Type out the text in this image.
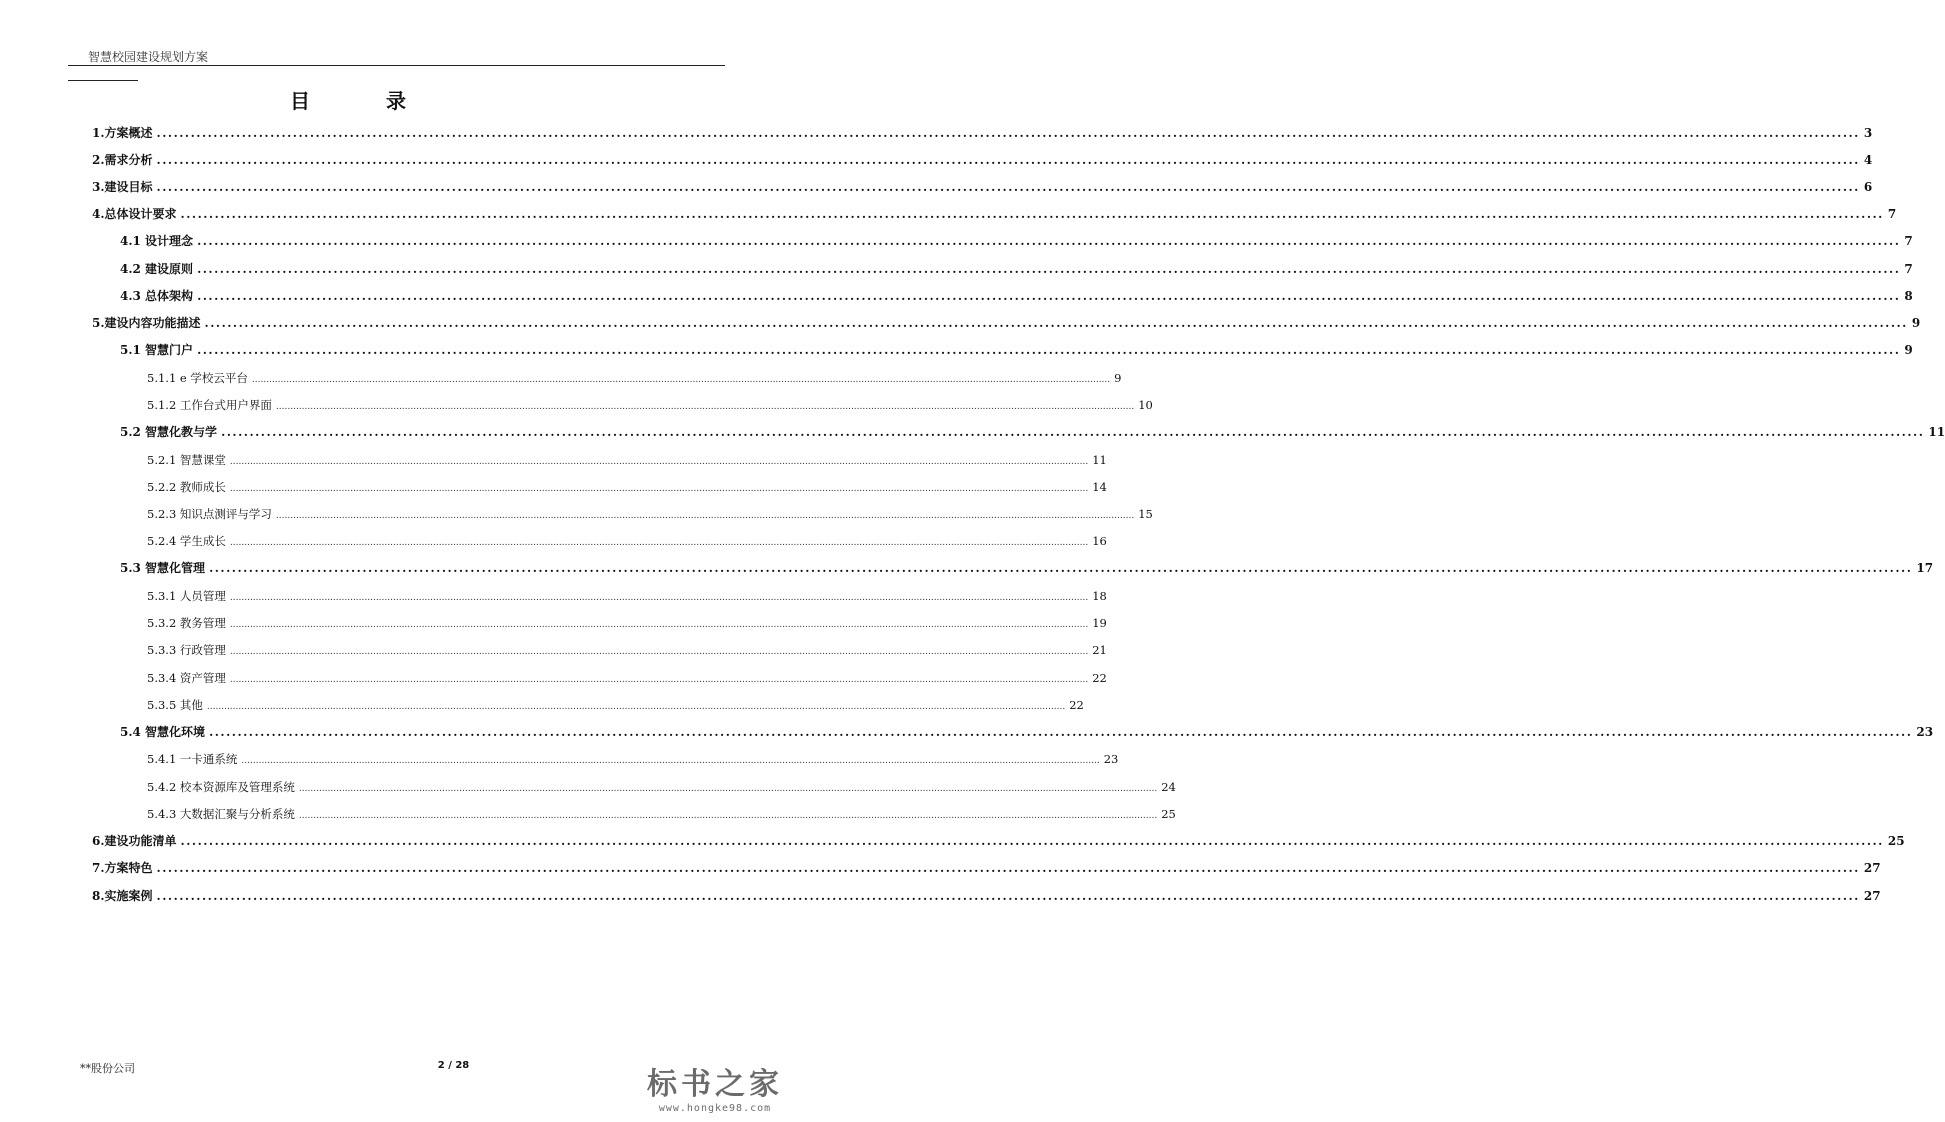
智慧校园建设规划方案
目　录
1.方案概述 ............................................................................................................................................................................................................................................................................................................ 3
2.需求分析 ............................................................................................................................................................................................................................................................................................................ 4
3.建设目标 ............................................................................................................................................................................................................................................................................................................ 6
4.总体设计要求 ............................................................................................................................................................................................................................................................................................................ 7
4.1 设计理念 ............................................................................................................................................................................................................................................................................................................ 7
4.2 建设原则 ............................................................................................................................................................................................................................................................................................................ 7
4.3 总体架构 ............................................................................................................................................................................................................................................................................................................ 8
5.建设内容功能描述 ............................................................................................................................................................................................................................................................................................................ 9
5.1 智慧门户 ............................................................................................................................................................................................................................................................................................................ 9
5.1.1 e 学校云平台 ............................................................................................................................................................................................................................................................................................................ 9
5.1.2 工作台式用户界面 ............................................................................................................................................................................................................................................................................................................ 10
5.2 智慧化教与学 ............................................................................................................................................................................................................................................................................................................ 11
5.2.1 智慧课堂 ............................................................................................................................................................................................................................................................................................................ 11
5.2.2 教师成长 ............................................................................................................................................................................................................................................................................................................ 14
5.2.3 知识点测评与学习 ............................................................................................................................................................................................................................................................................................................ 15
5.2.4 学生成长 ............................................................................................................................................................................................................................................................................................................ 16
5.3 智慧化管理 ............................................................................................................................................................................................................................................................................................................ 17
5.3.1 人员管理 ............................................................................................................................................................................................................................................................................................................ 18
5.3.2 教务管理 ............................................................................................................................................................................................................................................................................................................ 19
5.3.3 行政管理 ............................................................................................................................................................................................................................................................................................................ 21
5.3.4 资产管理 ............................................................................................................................................................................................................................................................................................................ 22
5.3.5 其他 ............................................................................................................................................................................................................................................................................................................ 22
5.4 智慧化环境 ............................................................................................................................................................................................................................................................................................................ 23
5.4.1 一卡通系统 ............................................................................................................................................................................................................................................................................................................ 23
5.4.2 校本资源库及管理系统 ............................................................................................................................................................................................................................................................................................................ 24
5.4.3 大数据汇聚与分析系统 ............................................................................................................................................................................................................................................................................................................ 25
6.建设功能清单 ............................................................................................................................................................................................................................................................................................................ 25
7.方案特色 ............................................................................................................................................................................................................................................................................................................ 27
8.实施案例 ............................................................................................................................................................................................................................................................................................................ 27
**股份公司	2 / 28
标书之家
www.hongke98.com
